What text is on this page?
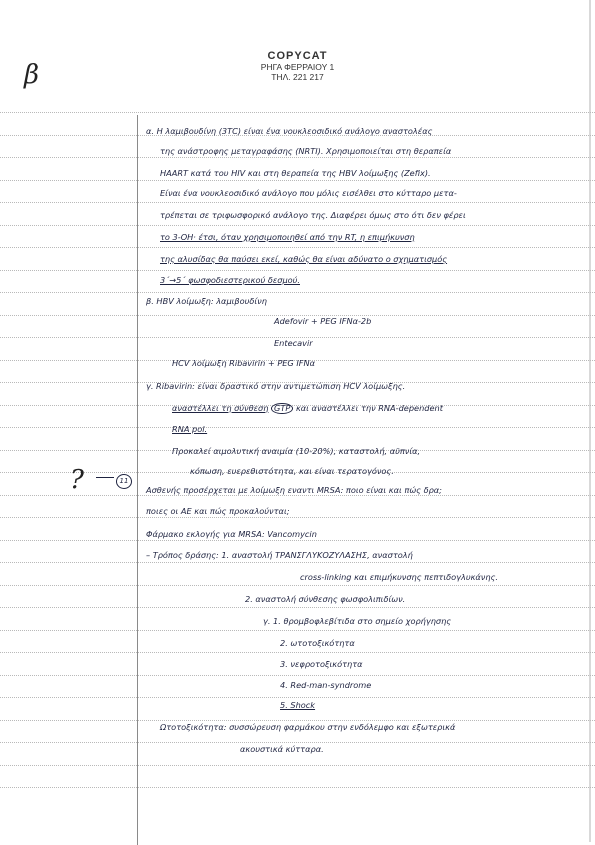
β
COPYCAT
ΡΗΓΑ ΦΕΡΡΑΙΟΥ 1
ΤΗΛ. 221 217
?	11
α. Η λαμιβουδίνη (3TC) είναι ένα νουκλεοσιδικό ανάλογο αναστολέας
της ανάστροφης μεταγραφάσης (NRTI). Χρησιμοποιείται στη θεραπεία
HAART κατά του HIV και στη θεραπεία της HBV λοίμωξης (Zefix).
Είναι ένα νουκλεοσιδικό ανάλογο που μόλις εισέλθει στο κύτταρο μετα-
τρέπεται σε τριφωσφορικό ανάλογο της. Διαφέρει όμως στο ότι δεν φέρει
το 3-ΟΗ· έτσι, όταν χρησιμοποιηθεί από την RT, η επιμήκυνση
της αλυσίδας θα παύσει εκεί, καθώς θα είναι αδύνατο ο σχηματισμός
3΄→5΄ φωσφοδιεστερικού δεσμού.
β. HBV λοίμωξη: λαμιβουδίνη
Adefovir + PEG IFNα-2b
Entecavir
HCV λοίμωξη Ribavirin + PEG IFNα
γ. Ribavirin: είναι δραστικό στην αντιμετώπιση HCV λοίμωξης.
αναστέλλει τη σύνθεση GTP και αναστέλλει την RNA-dependent
RNA pol.
Προκαλεί αιμολυτική αναιμία (10-20%), καταστολή, αϋπνία,
κόπωση, ευερεθιστότητα, και είναι τερατογόνος.
Ασθενής προσέρχεται με λοίμωξη εναντι MRSA: ποιο είναι και πώς δρα;
ποιες οι ΑΕ και πώς προκαλούνται;
Φάρμακο εκλογής για MRSA: Vancomycin
– Τρόπος δράσης: 1. αναστολή ΤΡΑΝΣΓΛΥΚΟΖΥΛΑΣΗΣ, αναστολή
cross-linking και επιμήκυνσης πεπτιδογλυκάνης.
2. αναστολή σύνθεσης φωσφολιπιδίων.
γ. 1. θρομβοφλεβίτιδα στο σημείο χορήγησης
2. ωτοτοξικότητα
3. νεφροτοξικότητα
4. Red-man-syndrome
5. Shock
Ωτοτοξικότητα: συσσώρευση φαρμάκου στην ενδόλεμφο και εξωτερικά
ακουστικά κύτταρα.
